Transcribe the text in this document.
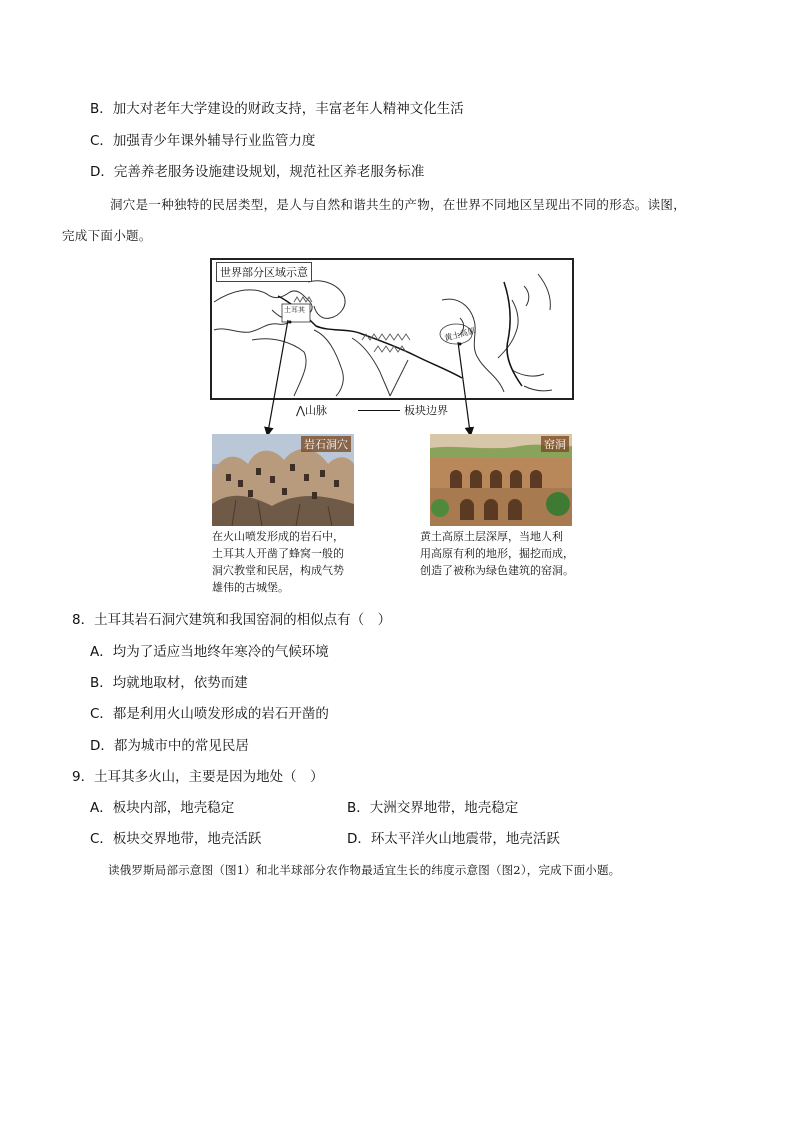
B．加大对老年大学建设的财政支持，丰富老年人精神文化生活
C．加强青少年课外辅导行业监管力度
D．完善养老服务设施建设规划，规范社区养老服务标准
洞穴是一种独特的民居类型，是人与自然和谐共生的产物，在世界不同地区呈现出不同的形态。读图，
完成下面小题。
世界部分区域示意
土耳其
黄土高原
⋀山脉	板块边界
岩石洞穴	窑洞
在火山喷发形成的岩石中，
土耳其人开凿了蜂窝一般的
洞穴教堂和民居，构成气势
雄伟的古城堡。
黄土高原土层深厚，当地人利
用高原有利的地形，掘挖而成，
创造了被称为绿色建筑的窑洞。
8．土耳其岩石洞穴建筑和我国窑洞的相似点有（　）
A．均为了适应当地终年寒冷的气候环境
B．均就地取材，依势而建
C．都是利用火山喷发形成的岩石开凿的
D．都为城市中的常见民居
9．土耳其多火山，主要是因为地处（　）
A．板块内部，地壳稳定	B．大洲交界地带，地壳稳定
C．板块交界地带，地壳活跃	D．环太平洋火山地震带，地壳活跃
读俄罗斯局部示意图（图1）和北半球部分农作物最适宜生长的纬度示意图（图2），完成下面小题。
